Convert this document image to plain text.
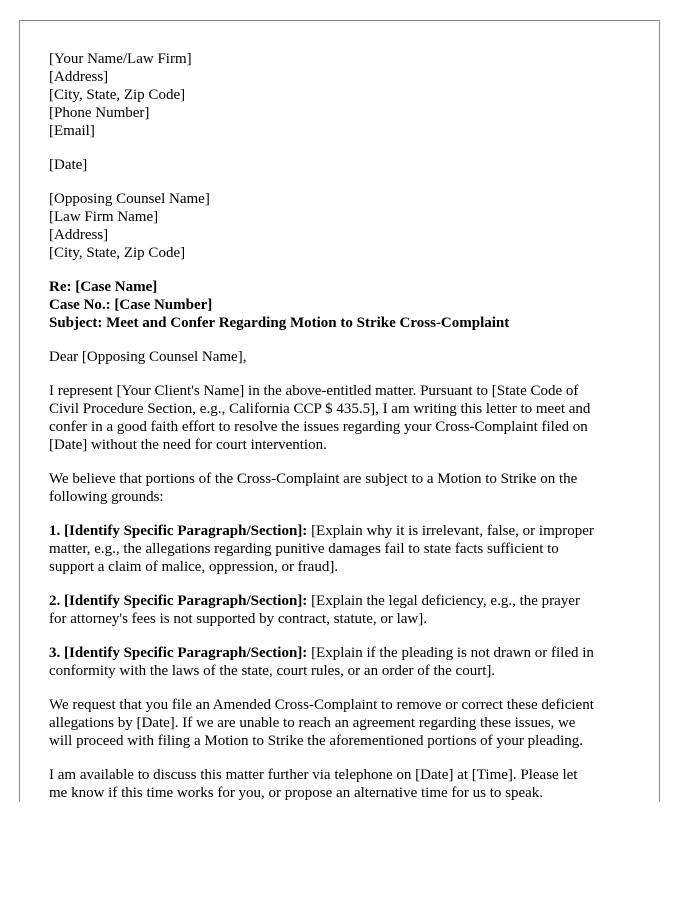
[Your Name/Law Firm]
[Address]
[City, State, Zip Code]
[Phone Number]
[Email]
[Date]
[Opposing Counsel Name]
[Law Firm Name]
[Address]
[City, State, Zip Code]
Re: [Case Name]
Case No.: [Case Number]
Subject: Meet and Confer Regarding Motion to Strike Cross-Complaint
Dear [Opposing Counsel Name],
I represent [Your Client's Name] in the above-entitled matter. Pursuant to [State Code of
Civil Procedure Section, e.g., California CCP $ 435.5], I am writing this letter to meet and
confer in a good faith effort to resolve the issues regarding your Cross-Complaint filed on
[Date] without the need for court intervention.
We believe that portions of the Cross-Complaint are subject to a Motion to Strike on the
following grounds:
1. [Identify Specific Paragraph/Section]: [Explain why it is irrelevant, false, or improper
matter, e.g., the allegations regarding punitive damages fail to state facts sufficient to
support a claim of malice, oppression, or fraud].
2. [Identify Specific Paragraph/Section]: [Explain the legal deficiency, e.g., the prayer
for attorney's fees is not supported by contract, statute, or law].
3. [Identify Specific Paragraph/Section]: [Explain if the pleading is not drawn or filed in
conformity with the laws of the state, court rules, or an order of the court].
We request that you file an Amended Cross-Complaint to remove or correct these deficient
allegations by [Date]. If we are unable to reach an agreement regarding these issues, we
will proceed with filing a Motion to Strike the aforementioned portions of your pleading.
I am available to discuss this matter further via telephone on [Date] at [Time]. Please let
me know if this time works for you, or propose an alternative time for us to speak.
